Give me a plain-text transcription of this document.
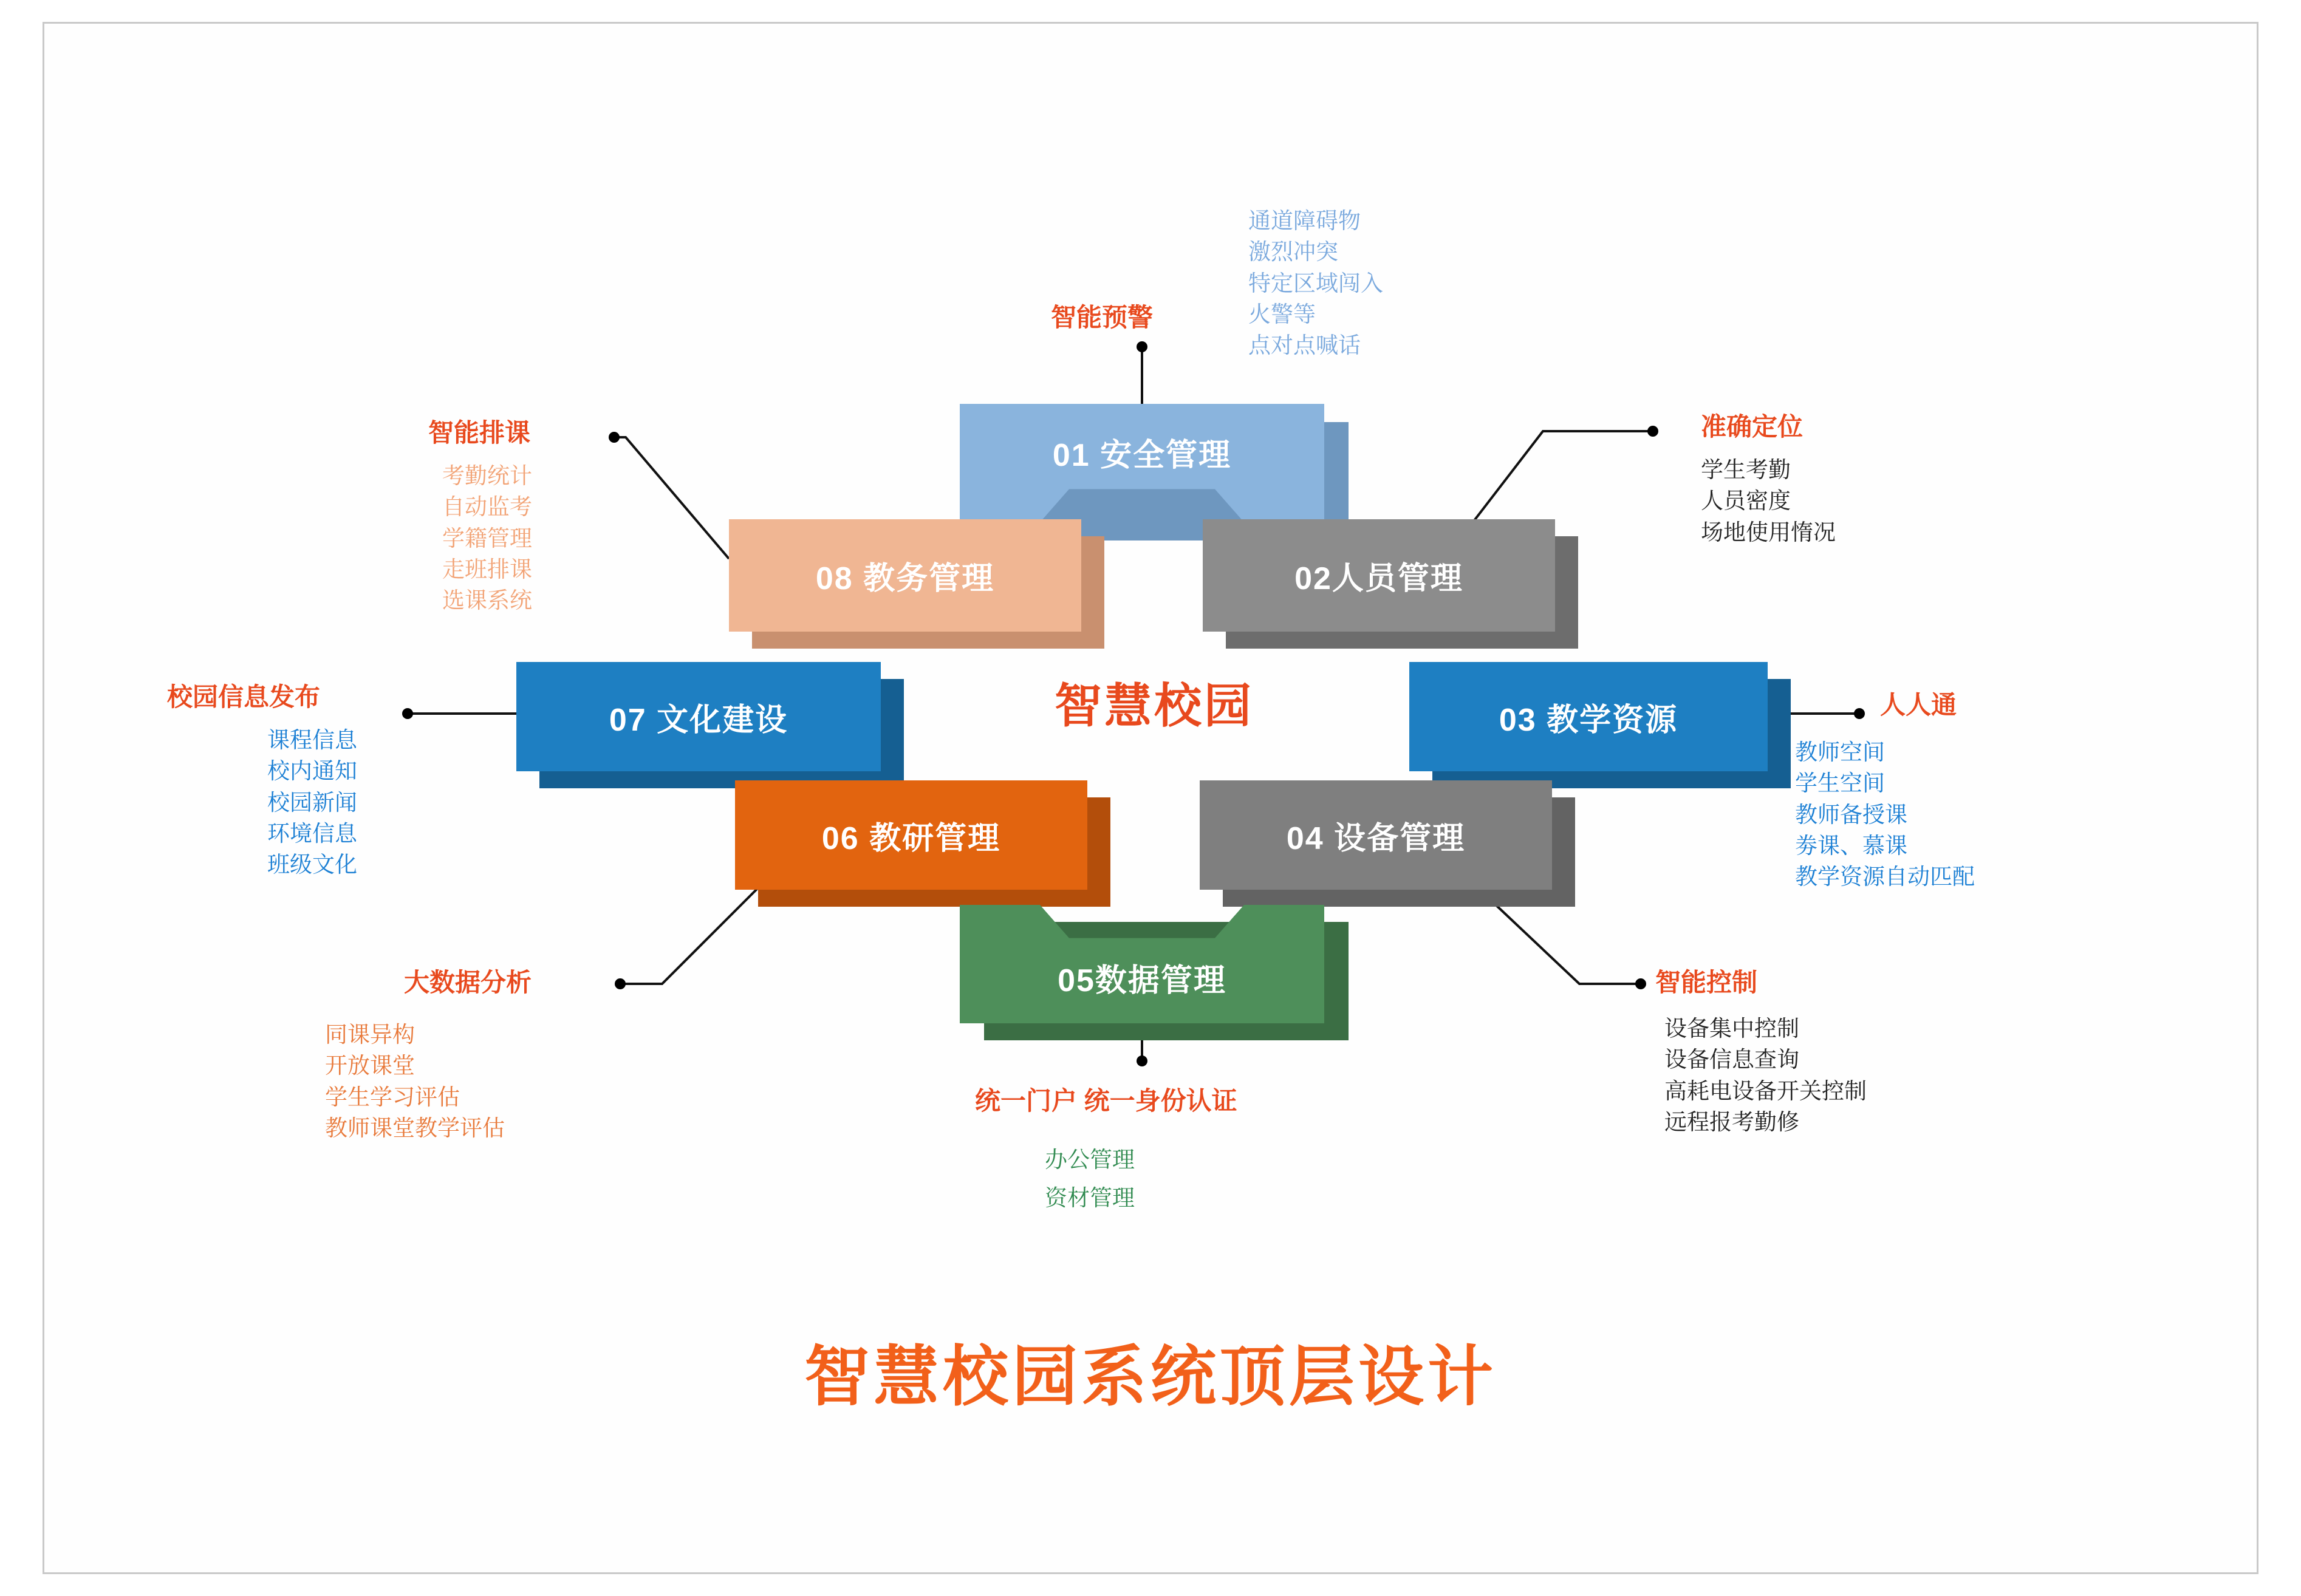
智慧校园
01 安全管理
08 教务管理	02人员管理
07 文化建设	03 教学资源
06 教研管理	04 设备管理
05数据管理
智能预警
通道障碍物
激烈冲突
特定区域闯入
火警等
点对点喊话
准确定位
学生考勤
人员密度
场地使用惰况
智能排课
考勤统计
自动监考
学籍管理
走班排课
选课系统
校园信息发布
课程信息
校内通知
校园新闻
环境信息
班级文化
人人通
教师空间
学生空间
教师备授课
劵课、慕课
教学资源自动匹配
大数据分析
同课异构
开放课堂
学生学习评估
教师课堂教学评估
智能控制
设备集中控制
设备信息查询
高耗电设备开关控制
远程报考勤修
统一门户 统一身份认证
办公管理
资材管理
智慧校园系统顶层设计
